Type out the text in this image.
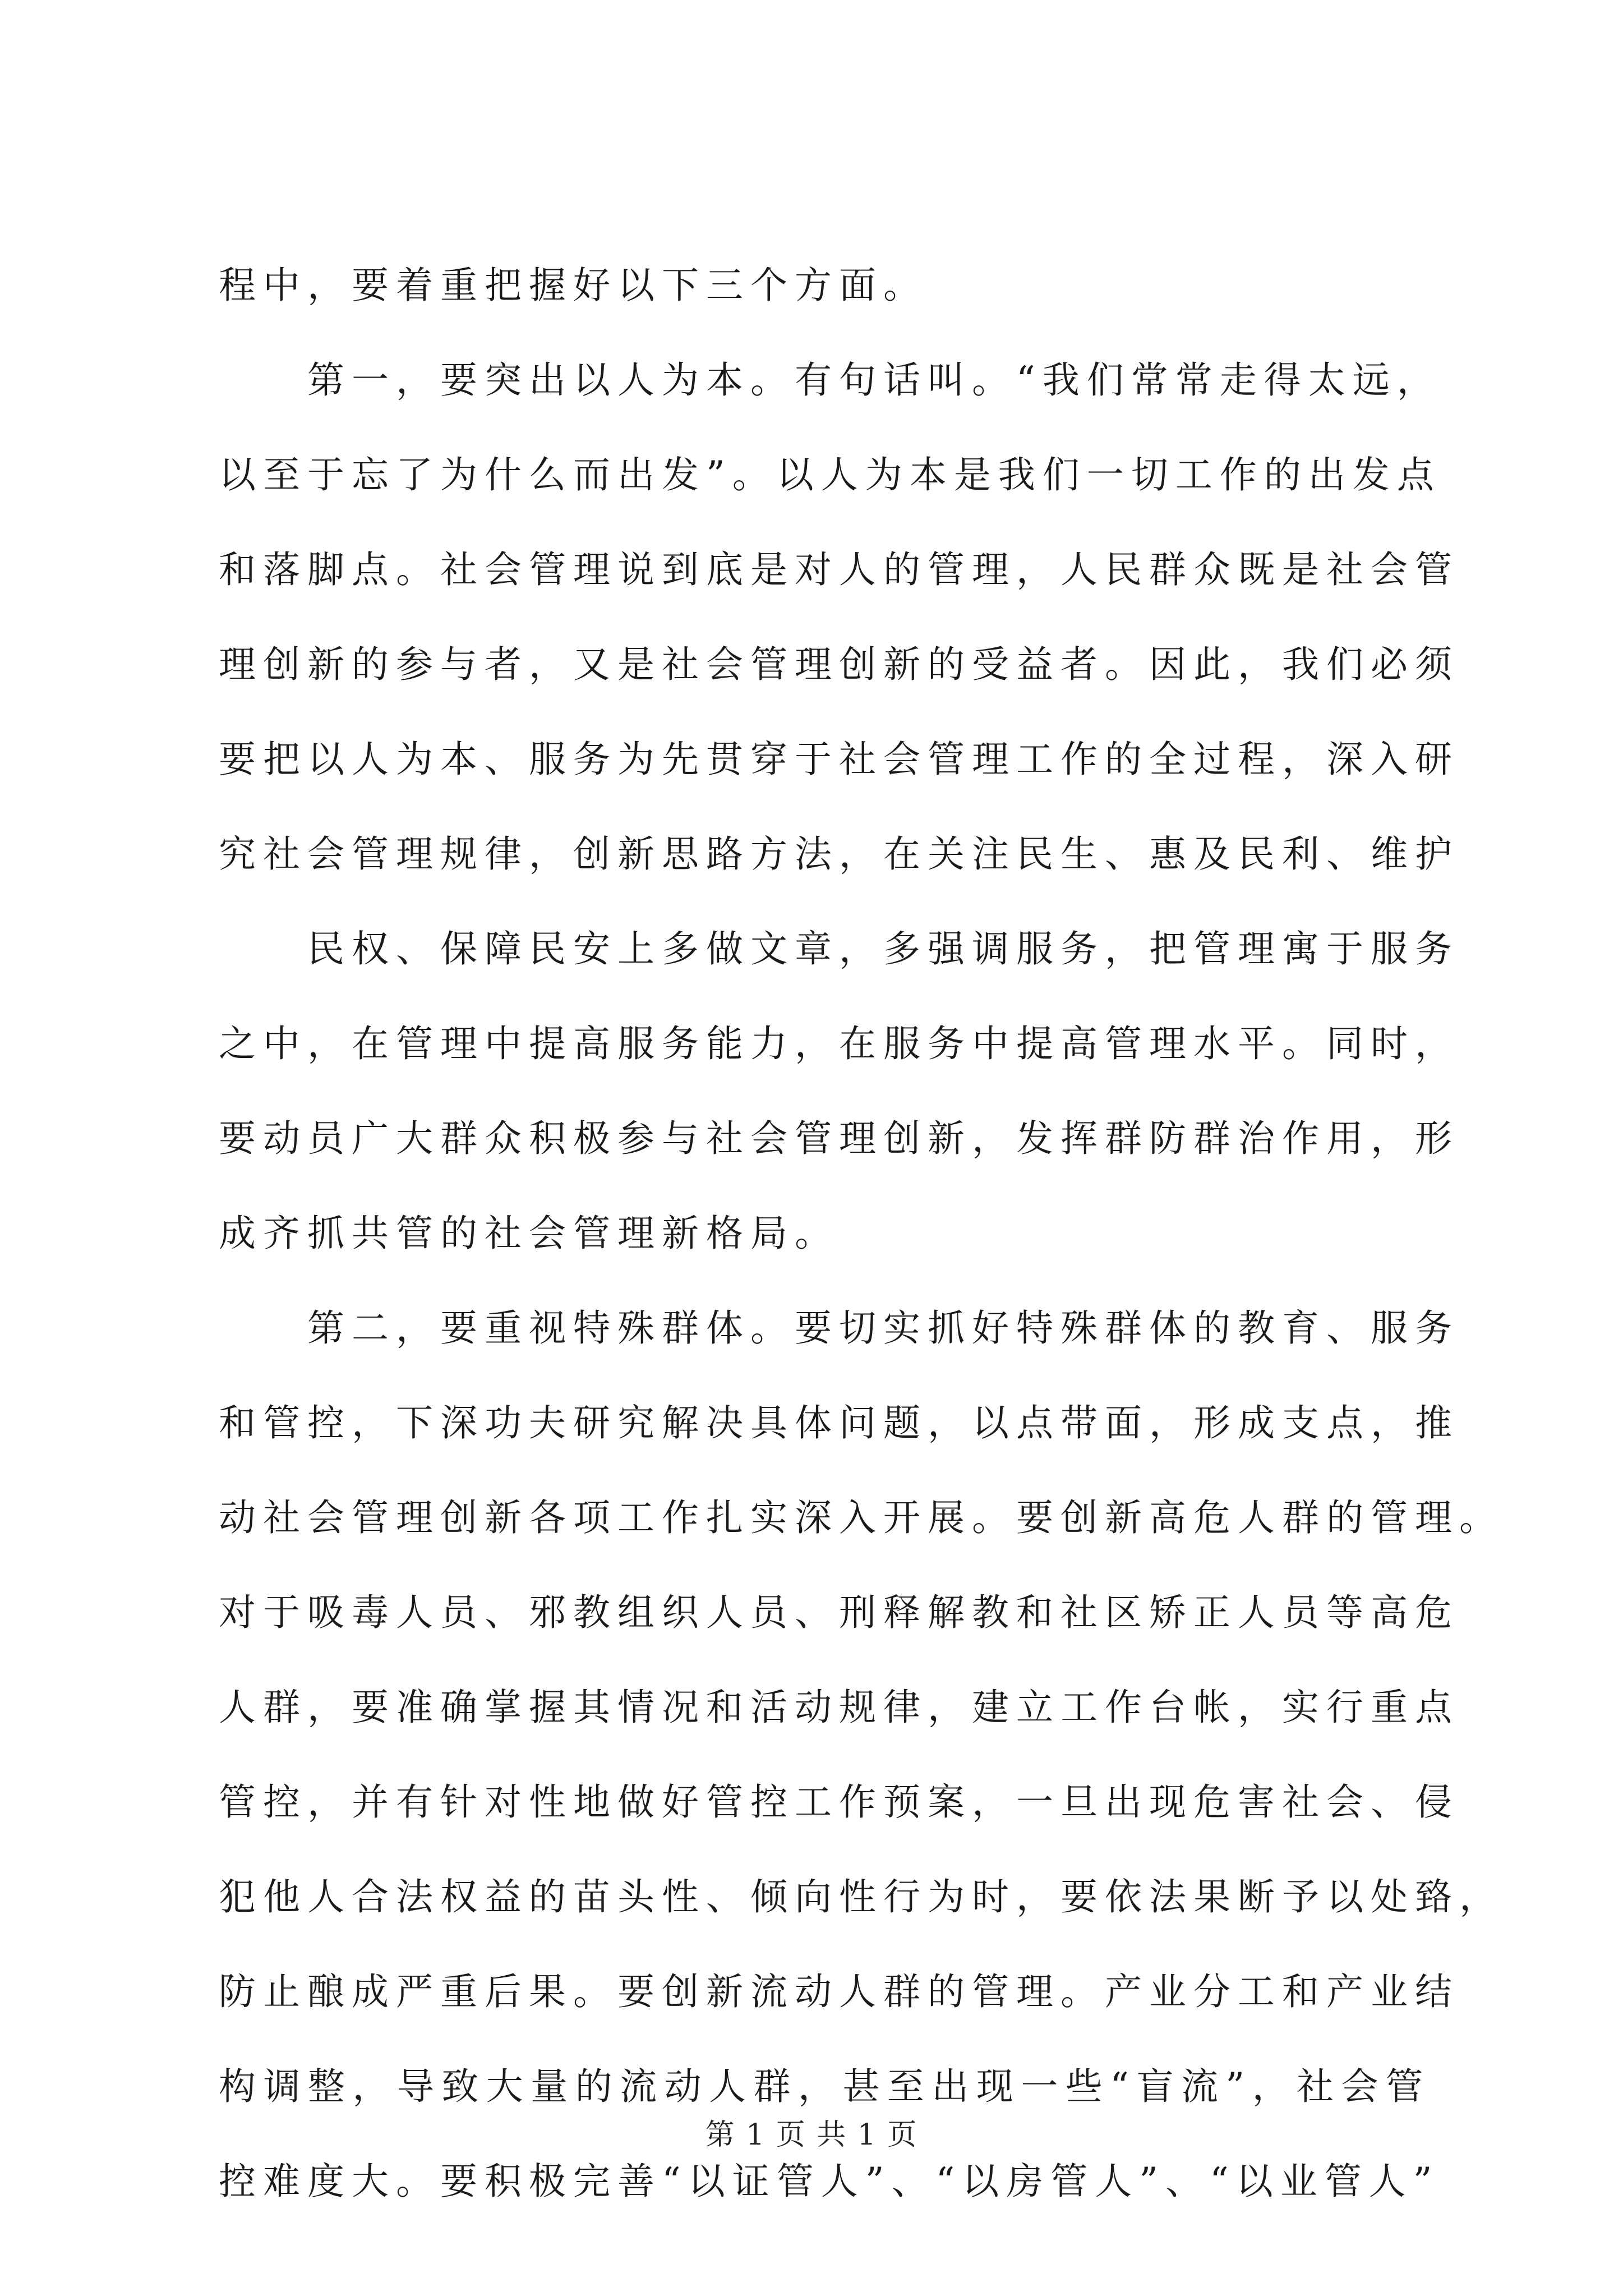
程中，要着重把握好以下三个方面。
　　第一，要突出以人为本。有句话叫。“我们常常走得太远，
以至于忘了为什么而出发”。以人为本是我们一切工作的出发点
和落脚点。社会管理说到底是对人的管理，人民群众既是社会管
理创新的参与者，又是社会管理创新的受益者。因此，我们必须
要把以人为本、服务为先贯穿于社会管理工作的全过程，深入研
究社会管理规律，创新思路方法，在关注民生、惠及民利、维护
　　民权、保障民安上多做文章，多强调服务，把管理寓于服务
之中，在管理中提高服务能力，在服务中提高管理水平。同时，
要动员广大群众积极参与社会管理创新，发挥群防群治作用，形
成齐抓共管的社会管理新格局。
　　第二，要重视特殊群体。要切实抓好特殊群体的教育、服务
和管控，下深功夫研究解决具体问题，以点带面，形成支点，推
动社会管理创新各项工作扎实深入开展。要创新高危人群的管理。
对于吸毒人员、邪教组织人员、刑释解教和社区矫正人员等高危
人群，要准确掌握其情况和活动规律，建立工作台帐，实行重点
管控，并有针对性地做好管控工作预案，一旦出现危害社会、侵
犯他人合法权益的苗头性、倾向性行为时，要依法果断予以处臵，
防止酿成严重后果。要创新流动人群的管理。产业分工和产业结
构调整，导致大量的流动人群，甚至出现一些“盲流”，社会管
控难度大。要积极完善“以证管人”、“以房管人”、“以业管人”
第 1 页 共 1 页
